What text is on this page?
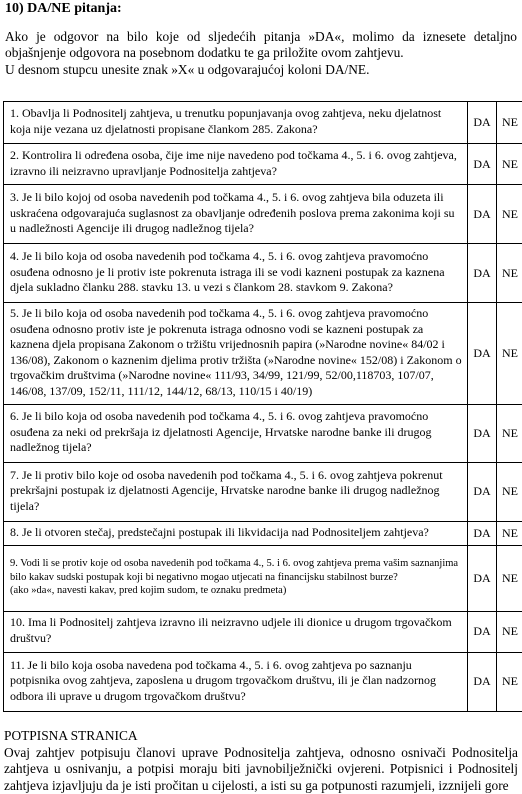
10) DA/NE pitanja:

Ako je odgovor na bilo koje od sljedećih pitanja »DA«, molimo da iznesete detaljno objašnjenje odgovora na posebnom dodatku te ga priložite ovom zahtjevu.

U desnom stupcu unesite znak »X« u odgovarajućoj koloni DA/NE.

1. Obavlja li Podnositelj zahtjeva, u trenutku popunjavanja ovog zahtjeva, neku djelatnost koja nije vezana uz djelatnosti propisane člankom 285. Zakona?	DA	NE
2. Kontrolira li određena osoba, čije ime nije navedeno pod točkama 4., 5. i 6. ovog zahtjeva, izravno ili neizravno upravljanje Podnositelja zahtjeva?	DA	NE
3. Je li bilo kojoj od osoba navedenih pod točkama 4., 5. i 6. ovog zahtjeva bila oduzeta ili uskraćena odgovarajuća suglasnost za obavljanje određenih poslova prema zakonima koji su u nadležnosti Agencije ili drugog nadležnog tijela?	DA	NE
4. Je li bilo koja od osoba navedenih pod točkama 4., 5. i 6. ovog zahtjeva pravomoćno osuđena odnosno je li protiv iste pokrenuta istraga ili se vodi kazneni postupak za kaznena djela sukladno članku 288. stavku 13. u vezi s člankom 28. stavkom 9. Zakona?	DA	NE
5. Je li bilo koja od osoba navedenih pod točkama 4., 5. i 6. ovog zahtjeva pravomoćno osuđena odnosno protiv iste je pokrenuta istraga odnosno vodi se kazneni postupak za kaznena djela propisana Zakonom o tržištu vrijednosnih papira (»Narodne novine« 84/02 i 136/08), Zakonom o kaznenim djelima protiv tržišta (»Narodne novine« 152/08) i Zakonom o trgovačkim društvima (»Narodne novine« 111/93, 34/99, 121/99, 52/00,118703, 107/07, 146/08, 137/09, 152/11, 111/12, 144/12, 68/13, 110/15 i 40/19)	DA	NE
6. Je li bilo koja od osoba navedenih pod točkama 4., 5. i 6. ovog zahtjeva pravomoćno osuđena za neki od prekršaja iz djelatnosti Agencije, Hrvatske narodne banke ili drugog nadležnog tijela?	DA	NE
7. Je li protiv bilo koje od osoba navedenih pod točkama 4., 5. i 6. ovog zahtjeva pokrenut prekršajni postupak iz djelatnosti Agencije, Hrvatske narodne banke ili drugog nadležnog tijela?	DA	NE
8. Je li otvoren stečaj, predstečajni postupak ili likvidacija nad Podnositeljem zahtjeva?	DA	NE

9. Vodi li se protiv koje od osoba navedenih pod točkama 4., 5. i 6. ovog zahtjeva prema vašim saznanjima bilo kakav sudski postupak koji bi negativno mogao utjecati na financijsku stabilnost burze?
(ako »da«, navesti kakav, pred kojim sudom, te oznaku predmeta)	DA	NE
10. Ima li Podnositelj zahtjeva izravno ili neizravno udjele ili dionice u drugom trgovačkom društvu?	DA	NE
11. Je li bilo koja osoba navedena pod točkama 4., 5. i 6. ovog zahtjeva po saznanju potpisnika ovog zahtjeva, zaposlena u drugom trgovačkom društvu, ili je član nadzornog odbora ili uprave u drugom trgovačkom društvu?	DA	NE

POTPISNA STRANICA

Ovaj zahtjev potpisuju članovi uprave Podnositelja zahtjeva, odnosno osnivači Podnositelja zahtjeva u osnivanju, a potpisi moraju biti javnobilježnički ovjereni. Potpisnici i Podnositelj zahtjeva izjavljuju da je isti pročitan u cijelosti, a isti su ga potpunosti razumjeli, izznijeli gore
